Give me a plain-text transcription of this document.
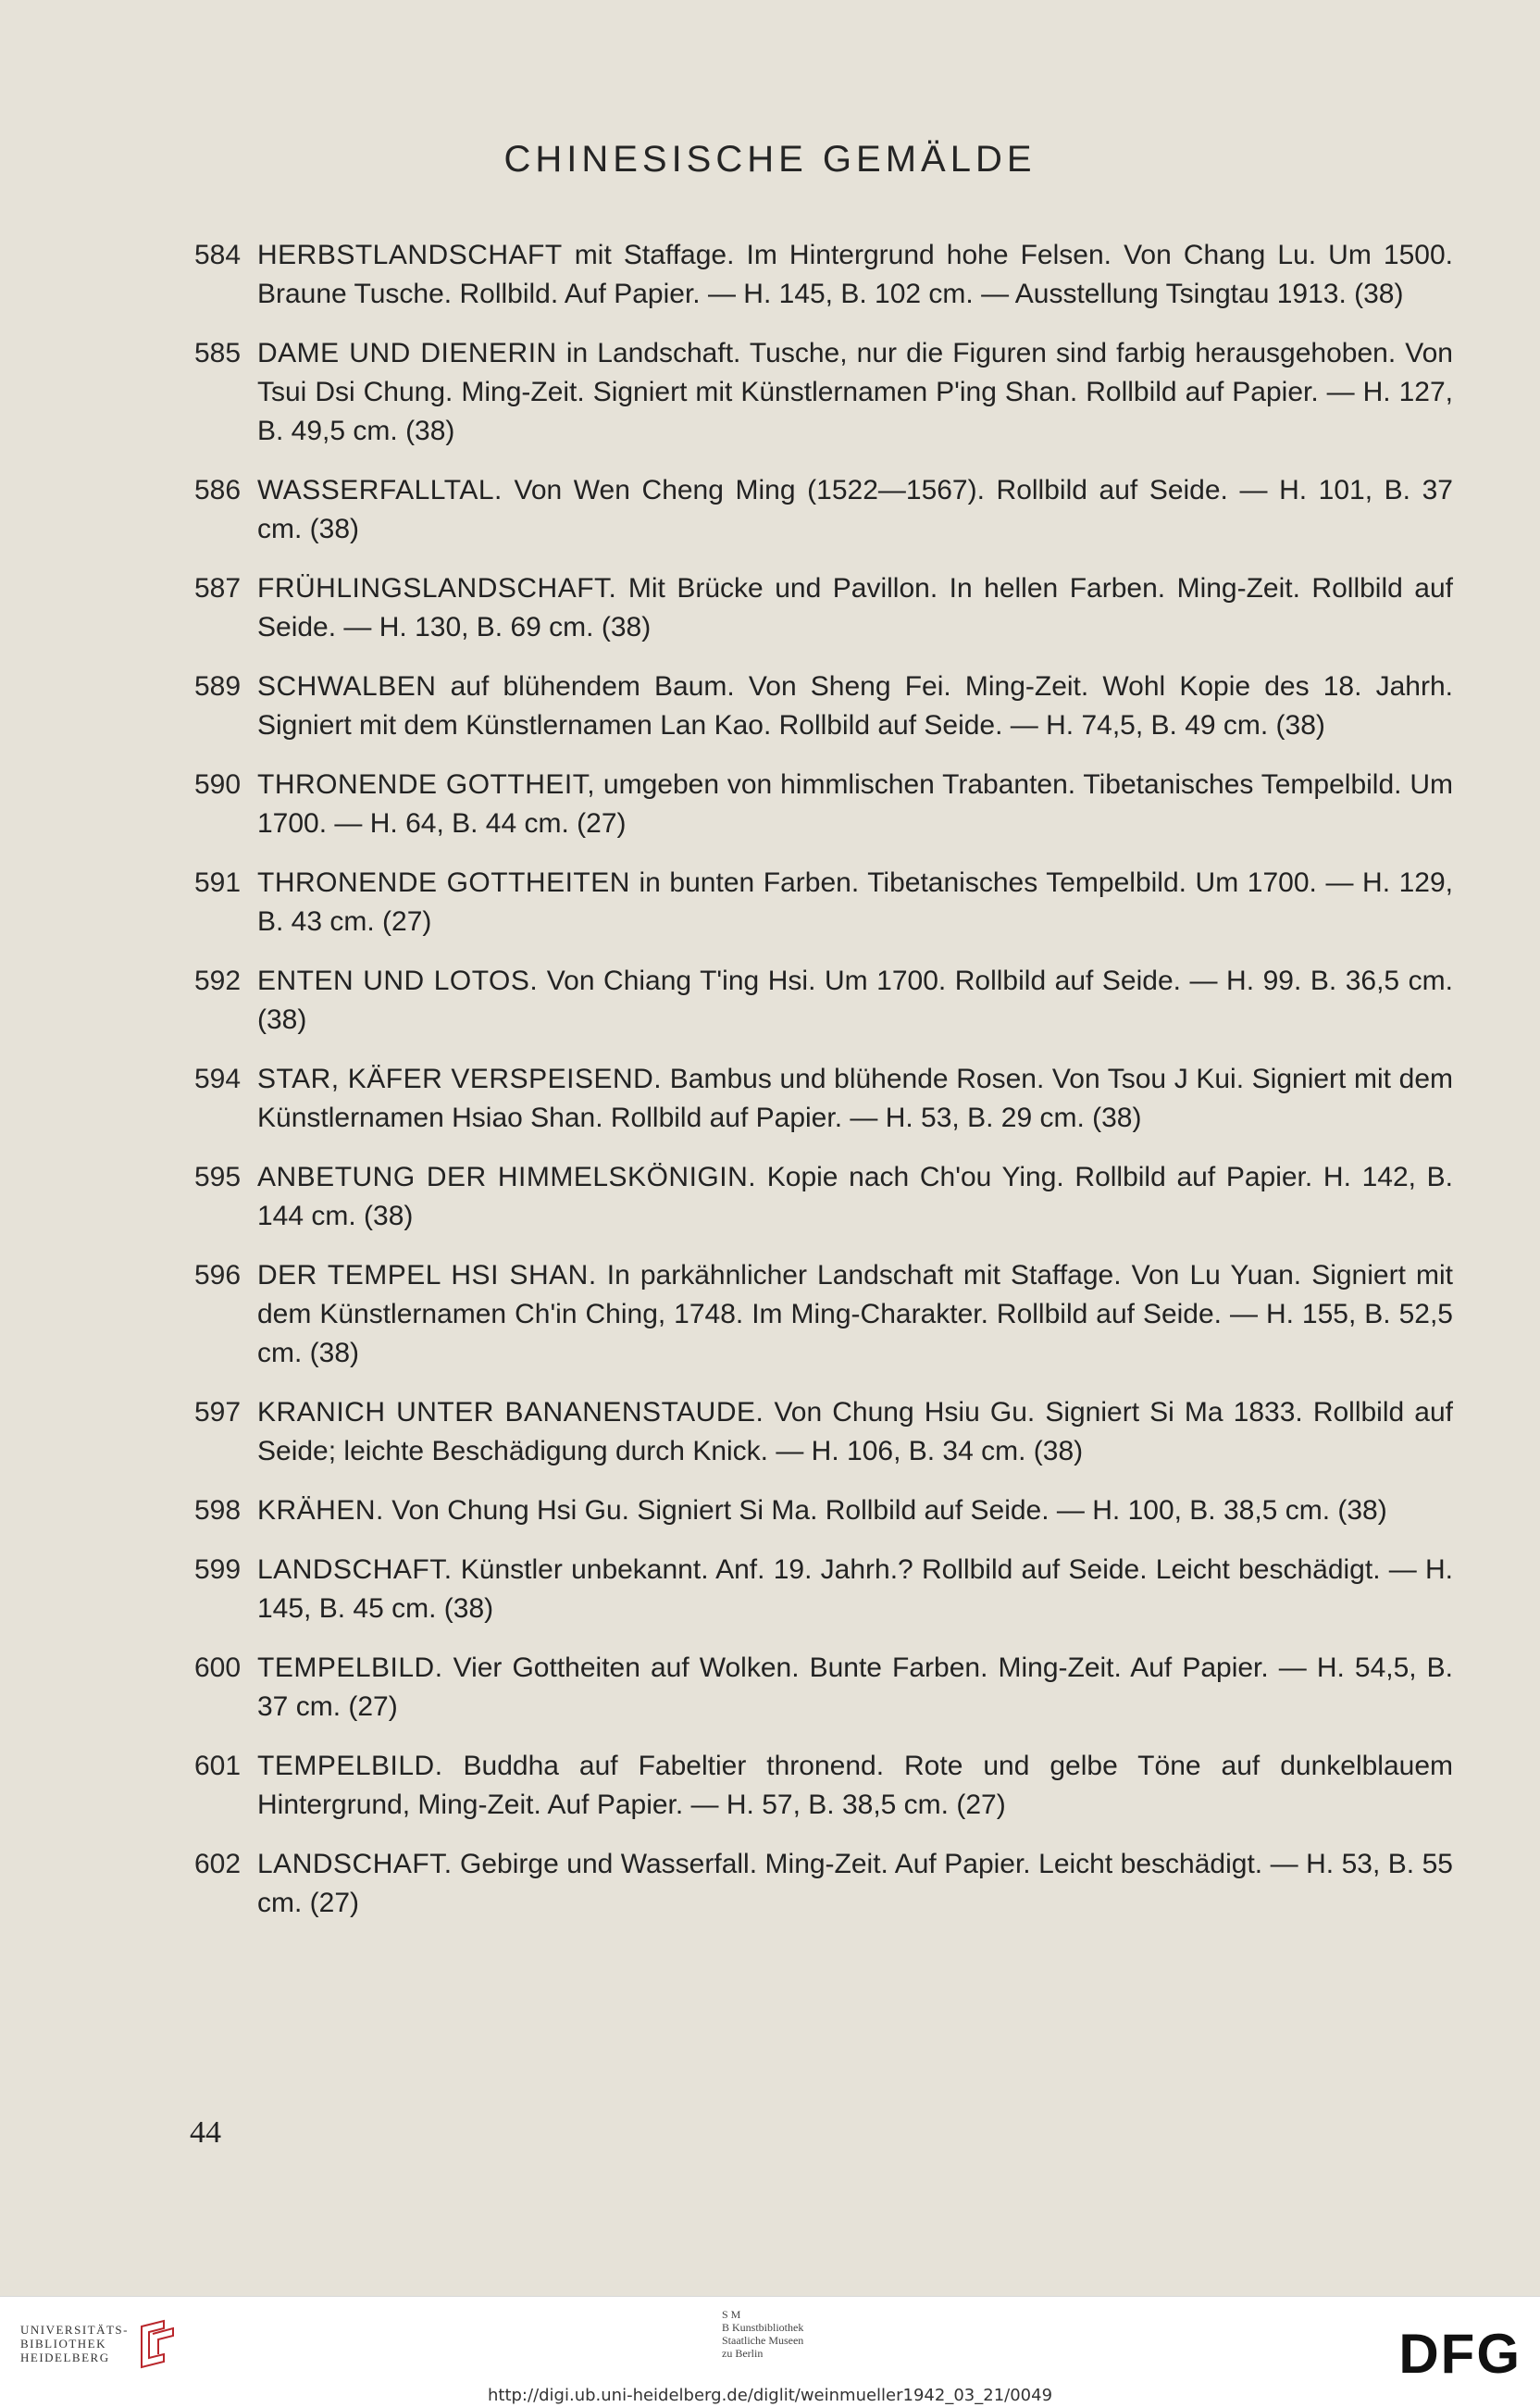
CHINESISCHE GEMÄLDE
584 HERBSTLANDSCHAFT mit Staffage. Im Hintergrund hohe Felsen. Von Chang Lu. Um 1500. Braune Tusche. Rollbild. Auf Papier. — H. 145, B. 102 cm. — Ausstellung Tsingtau 1913. (38)
585 DAME UND DIENERIN in Landschaft. Tusche, nur die Figuren sind farbig herausgehoben. Von Tsui Dsi Chung. Ming-Zeit. Signiert mit Künstlernamen P'ing Shan. Rollbild auf Papier. — H. 127, B. 49,5 cm. (38)
586 WASSERFALLTAL. Von Wen Cheng Ming (1522—1567). Rollbild auf Seide. — H. 101, B. 37 cm. (38)
587 FRÜHLINGSLANDSCHAFT. Mit Brücke und Pavillon. In hellen Farben. Ming-Zeit. Rollbild auf Seide. — H. 130, B. 69 cm. (38)
589 SCHWALBEN auf blühendem Baum. Von Sheng Fei. Ming-Zeit. Wohl Kopie des 18. Jahrh. Signiert mit dem Künstlernamen Lan Kao. Rollbild auf Seide. — H. 74,5, B. 49 cm. (38)
590 THRONENDE GOTTHEIT, umgeben von himmlischen Trabanten. Tibetanisches Tempelbild. Um 1700. — H. 64, B. 44 cm. (27)
591 THRONENDE GOTTHEITEN in bunten Farben. Tibetanisches Tempelbild. Um 1700. — H. 129, B. 43 cm. (27)
592 ENTEN UND LOTOS. Von Chiang T'ing Hsi. Um 1700. Rollbild auf Seide. — H. 99. B. 36,5 cm. (38)
594 STAR, KÄFER VERSPEISEND. Bambus und blühende Rosen. Von Tsou J Kui. Signiert mit dem Künstlernamen Hsiao Shan. Rollbild auf Papier. — H. 53, B. 29 cm. (38)
595 ANBETUNG DER HIMMELSKÖNIGIN. Kopie nach Ch'ou Ying. Rollbild auf Papier. H. 142, B. 144 cm. (38)
596 DER TEMPEL HSI SHAN. In parkähnlicher Landschaft mit Staffage. Von Lu Yuan. Signiert mit dem Künstlernamen Ch'in Ching, 1748. Im Ming-Charakter. Rollbild auf Seide. — H. 155, B. 52,5 cm. (38)
597 KRANICH UNTER BANANENSTAUDE. Von Chung Hsiu Gu. Signiert Si Ma 1833. Rollbild auf Seide; leichte Beschädigung durch Knick. — H. 106, B. 34 cm. (38)
598 KRÄHEN. Von Chung Hsi Gu. Signiert Si Ma. Rollbild auf Seide. — H. 100, B. 38,5 cm. (38)
599 LANDSCHAFT. Künstler unbekannt. Anf. 19. Jahrh.? Rollbild auf Seide. Leicht beschädigt. — H. 145, B. 45 cm. (38)
600 TEMPELBILD. Vier Gottheiten auf Wolken. Bunte Farben. Ming-Zeit. Auf Papier. — H. 54,5, B. 37 cm. (27)
601 TEMPELBILD. Buddha auf Fabeltier thronend. Rote und gelbe Töne auf dunkelblauem Hintergrund, Ming-Zeit. Auf Papier. — H. 57, B. 38,5 cm. (27)
602 LANDSCHAFT. Gebirge und Wasserfall. Ming-Zeit. Auf Papier. Leicht beschädigt. — H. 53, B. 55 cm. (27)
44
UNIVERSITÄTS-
BIBLIOTHEK
HEIDELBERG
S M
B Kunstbibliothek
Staatliche Museen
zu Berlin	DFG
http://digi.ub.uni-heidelberg.de/diglit/weinmueller1942_03_21/0049
